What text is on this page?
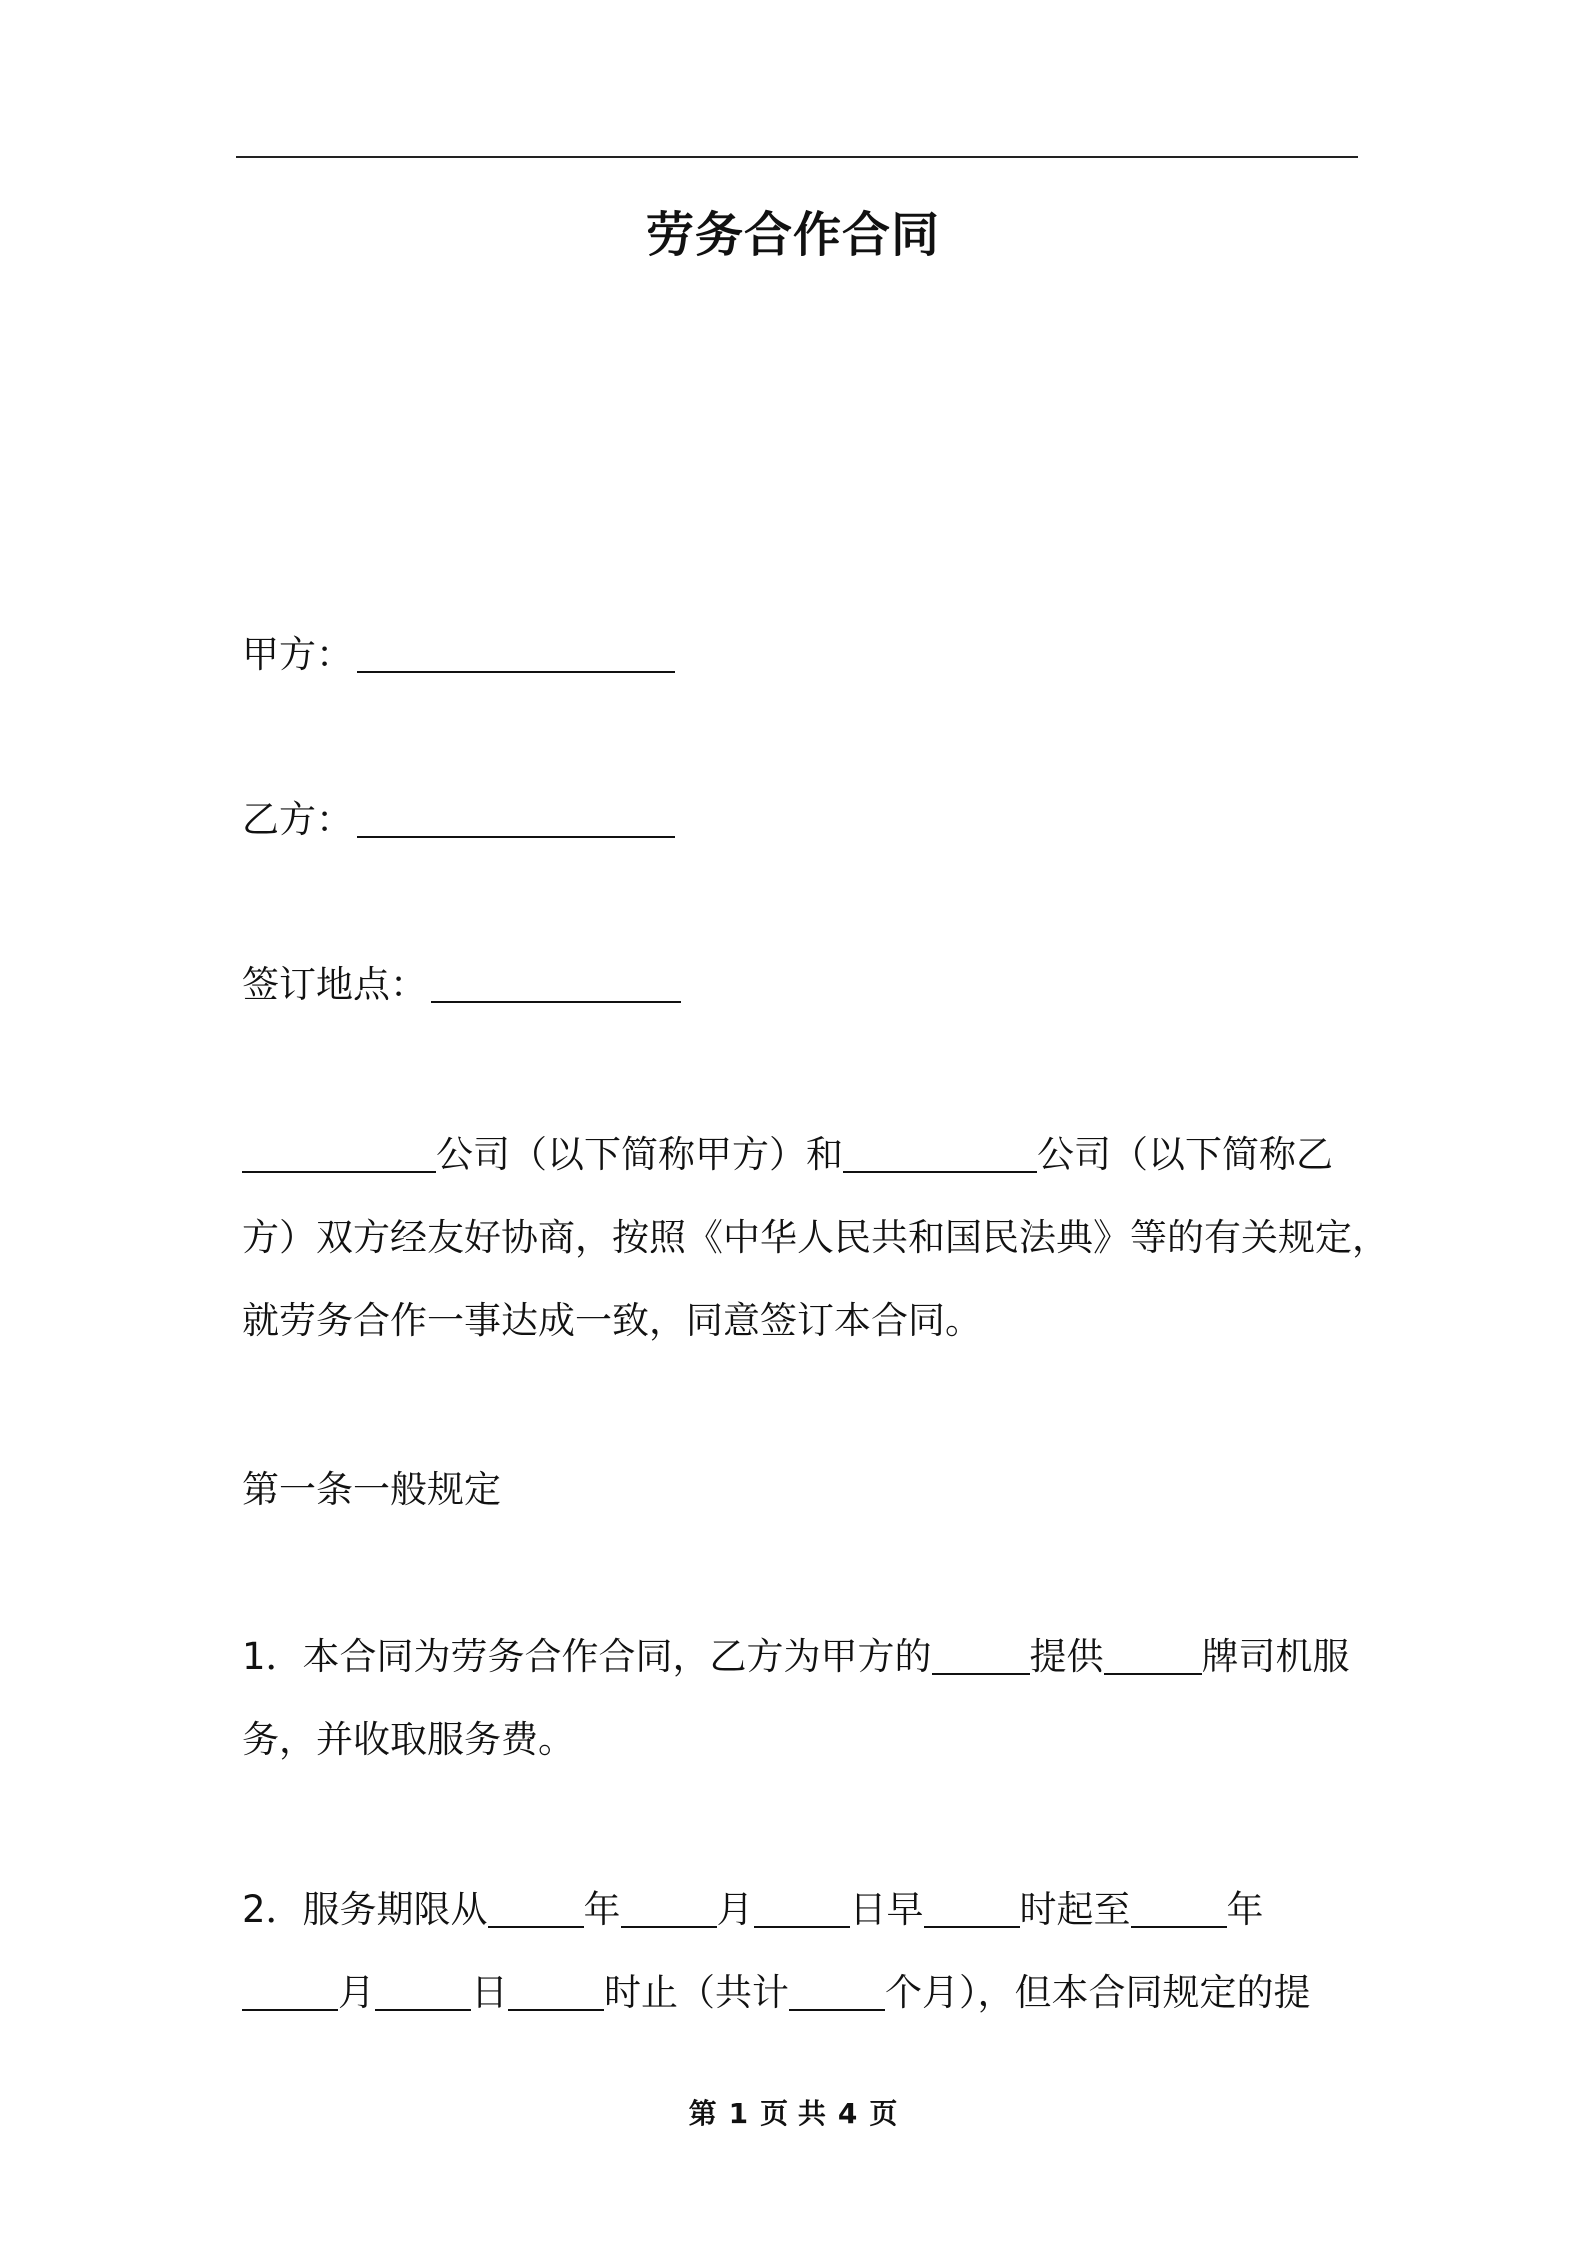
劳务合作合同
甲方：
乙方：
签订地点：
公司（以下简称甲方）和	公司（以下简称乙
方）双方经友好协商，按照《中华人民共和国民法典》等的有关规定，
就劳务合作一事达成一致，同意签订本合同。
第一条一般规定
1．本合同为劳务合作合同，乙方为甲方的	提供	牌司机服
务，并收取服务费。
2．服务期限从	年	月	日早	时起至	年
月	日	时止（共计	个月），但本合同规定的提
第 1 页 共 4 页
